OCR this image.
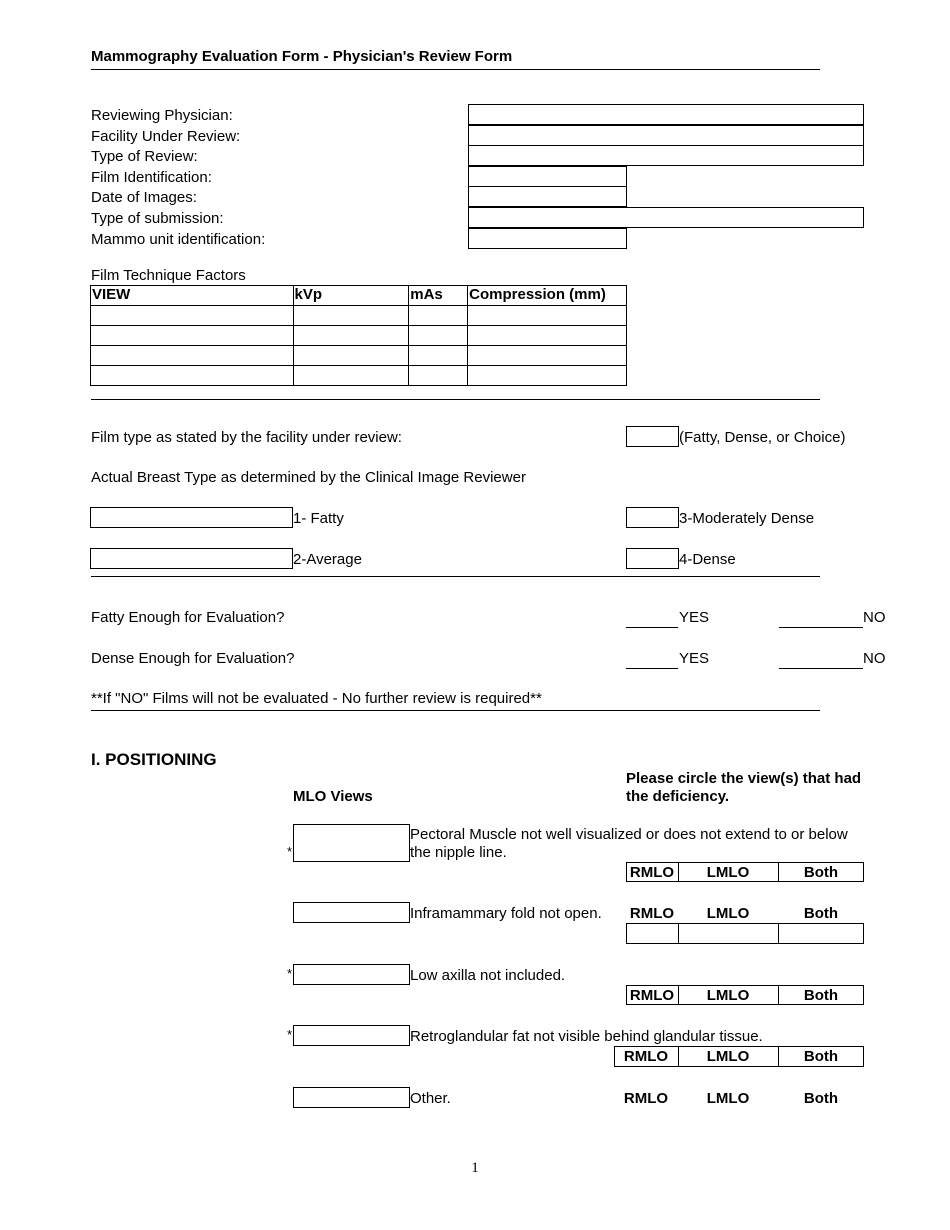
Mammography Evaluation Form - Physician's Review Form
Reviewing Physician:
Facility Under Review:
Type of Review:
Film Identification:
Date of Images:
Type of submission:
Mammo unit identification:
Film Technique Factors
VIEW	kVp	mAs	Compression (mm)

Film type as stated by the facility under review:	(Fatty, Dense, or Choice)
Actual Breast Type as determined by the Clinical Image Reviewer
1- Fatty	3-Moderately Dense
2-Average	4-Dense
Fatty Enough for Evaluation?	YES	NO
Dense Enough for Evaluation?	YES	NO
**If "NO" Films will not be evaluated - No further review is required**
I. POSITIONING
Please circle the view(s) that had
the deficiency.
MLO Views
*
Pectoral Muscle not well visualized or does not extend to or below
the nipple line.
RMLO	LMLO	Both
Inframammary fold not open. RMLO	LMLO	Both
*	Low axilla not included.
RMLO	LMLO	Both
*	Retroglandular fat not visible behind glandular tissue.
RMLO	LMLO	Both
Other.	RMLO	LMLO	Both
1
